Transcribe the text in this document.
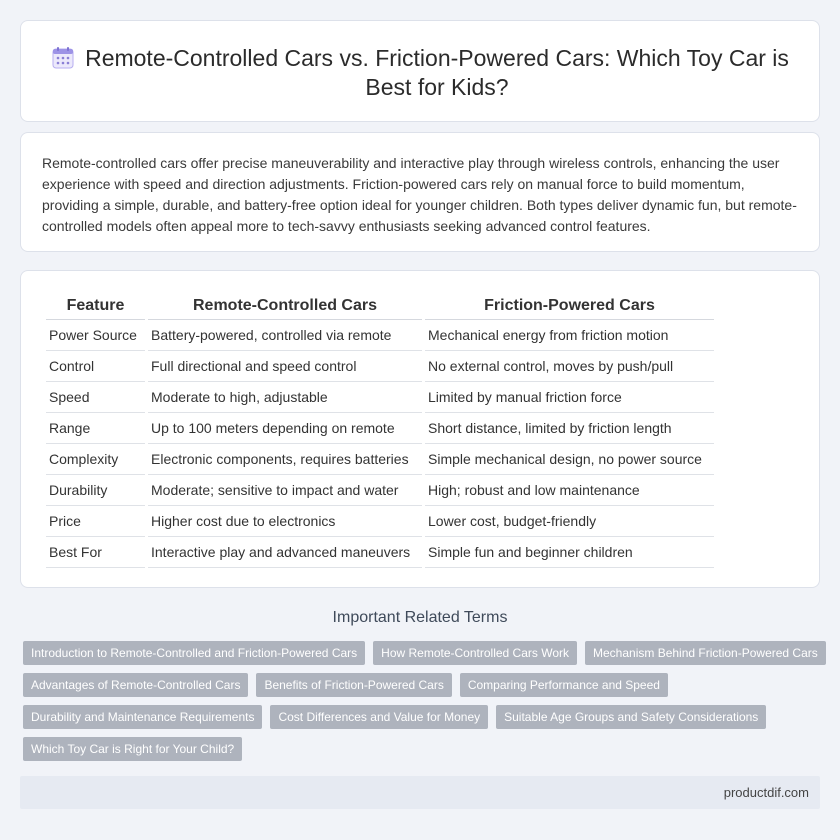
Remote-Controlled Cars vs. Friction-Powered Cars: Which Toy Car is Best for Kids?

Remote-controlled cars offer precise maneuverability and interactive play through wireless controls, enhancing the user experience with speed and direction adjustments. Friction-powered cars rely on manual force to build momentum, providing a simple, durable, and battery-free option ideal for younger children. Both types deliver dynamic fun, but remote-controlled models often appeal more to tech-savvy enthusiasts seeking advanced control features.

Feature	Remote-Controlled Cars	Friction-Powered Cars
Power Source	Battery-powered, controlled via remote	Mechanical energy from friction motion
Control	Full directional and speed control	No external control, moves by push/pull
Speed	Moderate to high, adjustable	Limited by manual friction force
Range	Up to 100 meters depending on remote	Short distance, limited by friction length
Complexity	Electronic components, requires batteries	Simple mechanical design, no power source
Durability	Moderate; sensitive to impact and water	High; robust and low maintenance
Price	Higher cost due to electronics	Lower cost, budget-friendly
Best For	Interactive play and advanced maneuvers	Simple fun and beginner children
Important Related Terms
Introduction to Remote-Controlled and Friction-Powered Cars	How Remote-Controlled Cars Work	Mechanism Behind Friction-Powered Cars
Advantages of Remote-Controlled Cars	Benefits of Friction-Powered Cars	Comparing Performance and Speed
Durability and Maintenance Requirements	Cost Differences and Value for Money	Suitable Age Groups and Safety Considerations
Which Toy Car is Right for Your Child?
productdif.com
